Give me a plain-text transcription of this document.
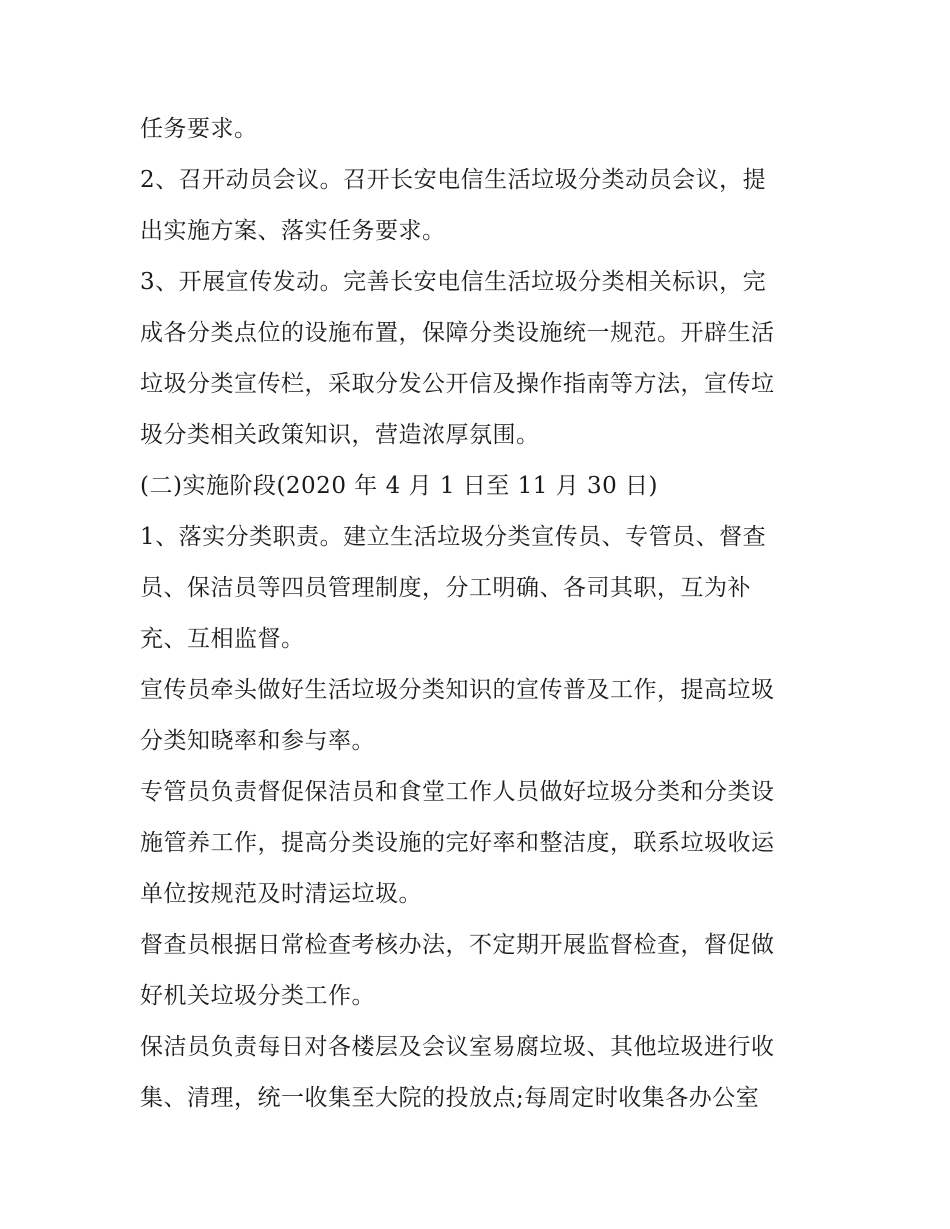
任务要求。

2、召开动员会议。召开长安电信生活垃圾分类动员会议，提
出实施方案、落实任务要求。

3、开展宣传发动。完善长安电信生活垃圾分类相关标识，完
成各分类点位的设施布置，保障分类设施统一规范。开辟生活
垃圾分类宣传栏，采取分发公开信及操作指南等方法，宣传垃
圾分类相关政策知识，营造浓厚氛围。

(二)实施阶段(2020 年 4 月 1 日至 11 月 30 日)

1、落实分类职责。建立生活垃圾分类宣传员、专管员、督查
员、保洁员等四员管理制度，分工明确、各司其职，互为补
充、互相监督。

宣传员牵头做好生活垃圾分类知识的宣传普及工作，提高垃圾
分类知晓率和参与率。

专管员负责督促保洁员和食堂工作人员做好垃圾分类和分类设
施管养工作，提高分类设施的完好率和整洁度，联系垃圾收运
单位按规范及时清运垃圾。

督查员根据日常检查考核办法，不定期开展监督检查，督促做
好机关垃圾分类工作。

保洁员负责每日对各楼层及会议室易腐垃圾、其他垃圾进行收
集、清理，统一收集至大院的投放点;每周定时收集各办公室
